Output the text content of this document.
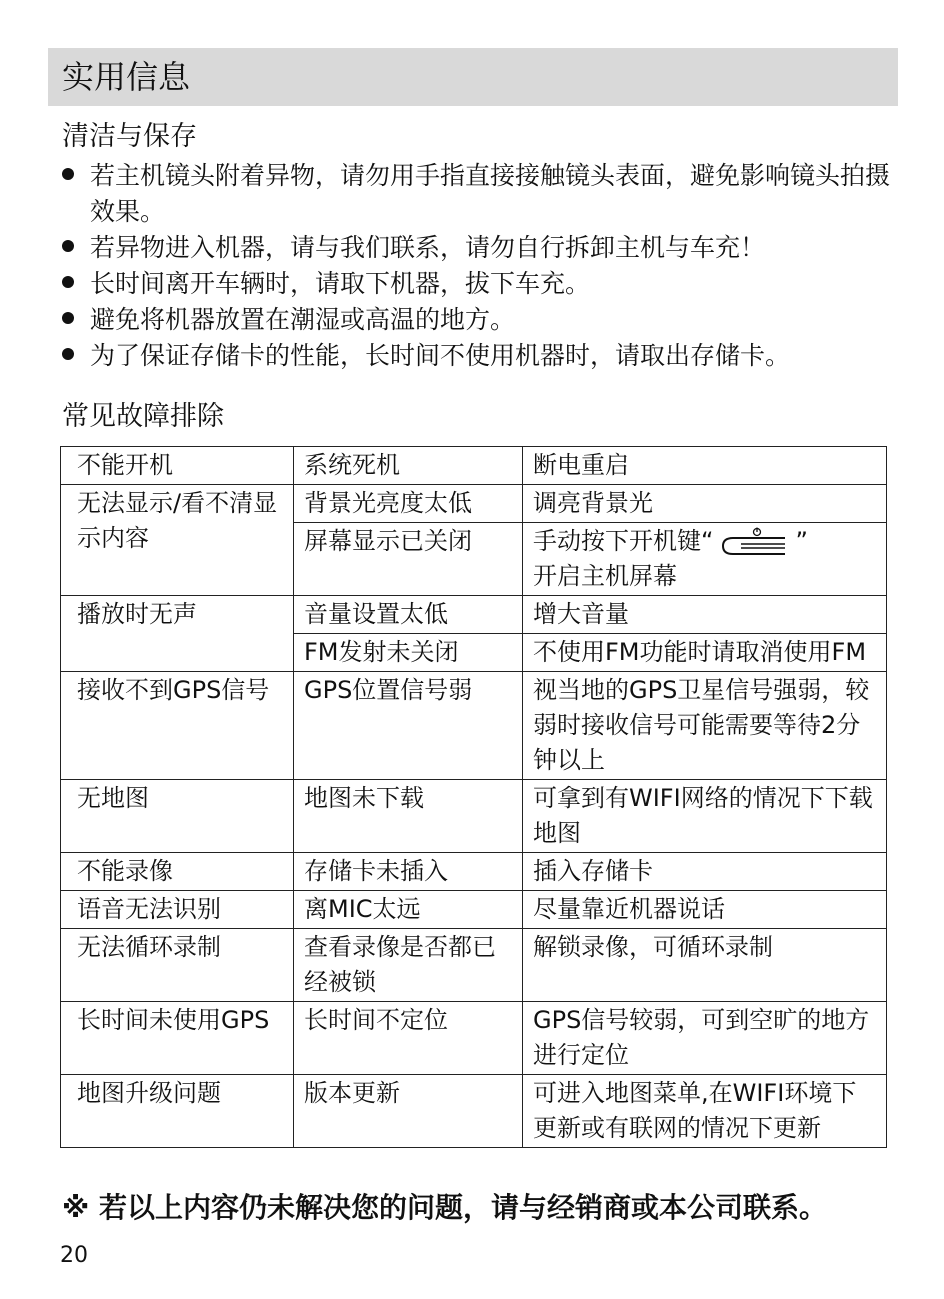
实用信息
清洁与保存
若主机镜头附着异物，请勿用手指直接接触镜头表面，避免影响镜头拍摄效果。
若异物进入机器，请与我们联系，请勿自行拆卸主机与车充！
长时间离开车辆时，请取下机器，拔下车充。
避免将机器放置在潮湿或高温的地方。
为了保证存储卡的性能，长时间不使用机器时，请取出存储卡。
常见故障排除
不能开机	系统死机	断电重启
无法显示/看不清显示内容	背景光亮度太低	调亮背景光
	屏幕显示已关闭	手动按下开机键“ ”
开启主机屏幕
播放时无声	音量设置太低	增大音量
	FM发射未关闭	不使用FM功能时请取消使用FM
接收不到GPS信号	GPS位置信号弱	视当地的GPS卫星信号强弱，较弱时接收信号可能需要等待2分钟以上
无地图	地图未下载	可拿到有WIFI网络的情况下下载地图
不能录像	存储卡未插入	插入存储卡
语音无法识别	离MIC太远	尽量靠近机器说话
无法循环录制	查看录像是否都已经被锁	解锁录像，可循环录制
长时间未使用GPS	长时间不定位	GPS信号较弱，可到空旷的地方进行定位
地图升级问题	版本更新	可进入地图菜单,在WIFI环境下更新或有联网的情况下更新
※ 若以上内容仍未解决您的问题，请与经销商或本公司联系。
20
